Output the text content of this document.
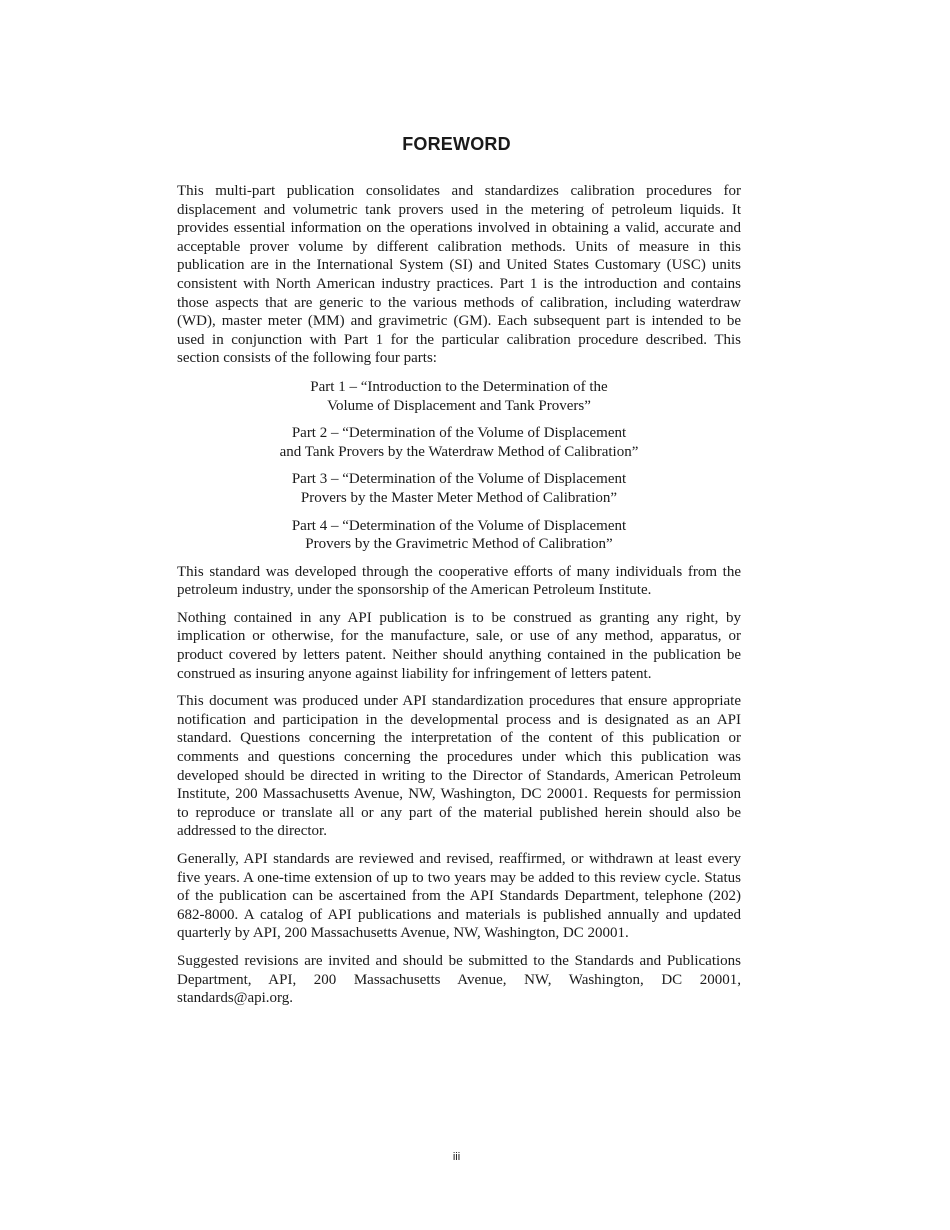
FOREWORD

This multi-part publication consolidates and standardizes calibration procedures for displacement and volumetric tank provers used in the metering of petroleum liquids. It provides essential information on the operations involved in obtaining a valid, accurate and acceptable prover volume by different calibration methods. Units of measure in this publication are in the International System (SI) and United States Customary (USC) units consistent with North American industry practices. Part 1 is the introduction and contains those aspects that are generic to the various methods of calibration, including waterdraw (WD), master meter (MM) and gravimetric (GM). Each subsequent part is intended to be used in conjunction with Part 1 for the particular calibration procedure described. This section consists of the following four parts:

Part 1 – “Introduction to the Determination of the
Volume of Displacement and Tank Provers”
Part 2 – “Determination of the Volume of Displacement
and Tank Provers by the Waterdraw Method of Calibration”
Part 3 – “Determination of the Volume of Displacement
Provers by the Master Meter Method of Calibration”
Part 4 – “Determination of the Volume of Displacement
Provers by the Gravimetric Method of Calibration”

This standard was developed through the cooperative efforts of many individuals from the petroleum industry, under the sponsorship of the American Petroleum Institute.

Nothing contained in any API publication is to be construed as granting any right, by implication or otherwise, for the manufacture, sale, or use of any method, apparatus, or product covered by letters patent. Neither should anything contained in the publication be construed as insuring anyone against liability for infringement of letters patent.

This document was produced under API standardization procedures that ensure appropriate notification and participation in the developmental process and is designated as an API standard. Questions concerning the interpretation of the content of this publication or comments and questions concerning the procedures under which this publication was developed should be directed in writing to the Director of Standards, American Petroleum Institute, 200 Massachusetts Avenue, NW, Washington, DC 20001. Requests for permission to reproduce or translate all or any part of the material published herein should also be addressed to the director.

Generally, API standards are reviewed and revised, reaffirmed, or withdrawn at least every five years. A one-time extension of up to two years may be added to this review cycle. Status of the publication can be ascertained from the API Standards Department, telephone (202) 682-8000. A catalog of API publications and materials is published annually and updated quarterly by API, 200 Massachusetts Avenue, NW, Washington, DC 20001.

Suggested revisions are invited and should be submitted to the Standards and Publications Department, API, 200 Massachusetts Avenue, NW, Washington, DC 20001, standards@api.org.

iii
